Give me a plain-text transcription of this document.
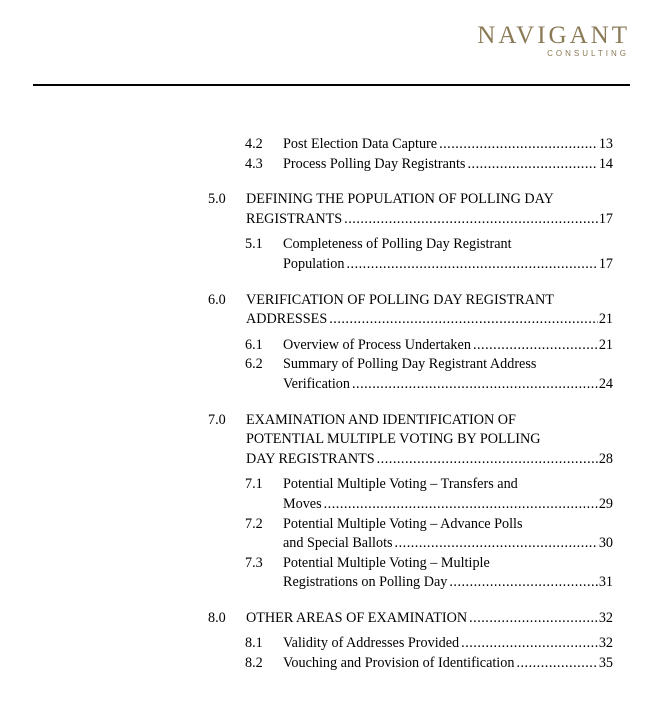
NAVIGANT
CONSULTING
4.2 Post Election Data Capture .....	13
4.3 Process Polling Day Registrants .....	14
5.0 DEFINING THE POPULATION OF POLLING DAY
REGISTRANTS .....	17
5.1 Completeness of Polling Day Registrant
Population .....	17
6.0 VERIFICATION OF POLLING DAY REGISTRANT
ADDRESSES .....	21
6.1 Overview of Process Undertaken .....	21
6.2 Summary of Polling Day Registrant Address
Verification .....	24
7.0 EXAMINATION AND IDENTIFICATION OF
POTENTIAL MULTIPLE VOTING BY POLLING
DAY REGISTRANTS .....	28
7.1 Potential Multiple Voting – Transfers and
Moves .....	29
7.2 Potential Multiple Voting – Advance Polls
and Special Ballots .....	30
7.3 Potential Multiple Voting – Multiple
Registrations on Polling Day .....	31
8.0 OTHER AREAS OF EXAMINATION .....	32
8.1 Validity of Addresses Provided .....	32
8.2 Vouching and Provision of Identification .....	35
